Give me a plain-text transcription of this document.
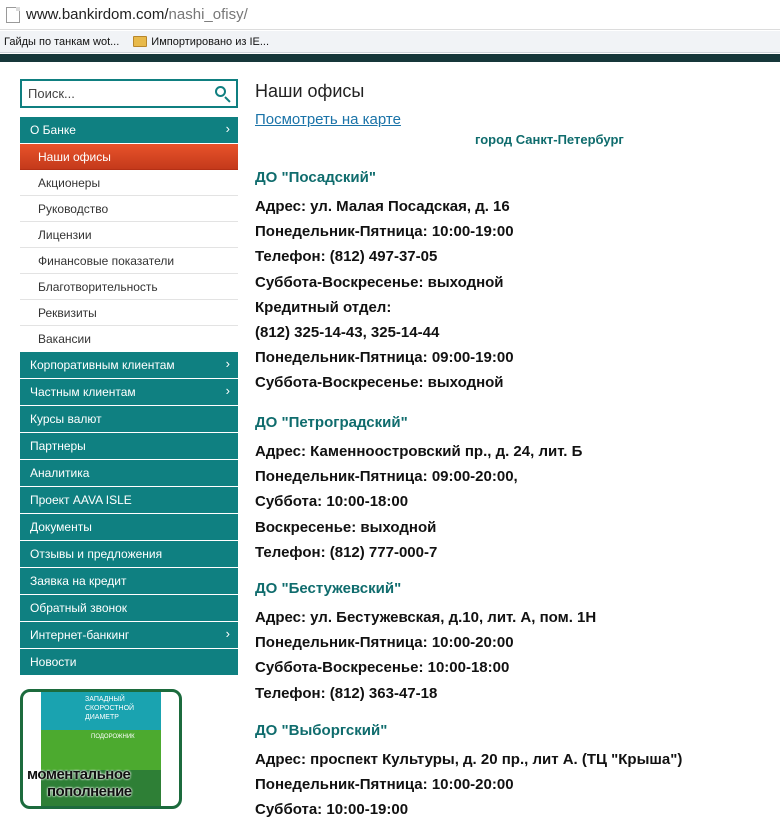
www.bankirdom.com/nashi_ofisy/
Гайды по танкам wot...	Импортировано из IE...
Поиск...
О Банке	›
Наши офисы
Акционеры
Руководство
Лицензии
Финансовые показатели
Благотворительность
Реквизиты
Вакансии
Корпоративным клиентам	›
Частным клиентам	›
Курсы валют
Партнеры
Аналитика
Проект AAVA ISLE
Документы
Отзывы и предложения
Заявка на кредит
Обратный звонок
Интернет-банкинг	›
Новости
ЗАПАДНЫЙ СКОРОСТНОЙ ДИАМЕТР
ПОДОРОЖНИК
моментальное
пополнение
Наши офисы
Посмотреть на карте
город Санкт-Петербург
ДО "Посадский"
Адрес: ул. Малая Посадская, д. 16
Понедельник-Пятница: 10:00-19:00
Телефон: (812) 497-37-05
Суббота-Воскресенье: выходной
Кредитный отдел:
(812) 325-14-43, 325-14-44
Понедельник-Пятница: 09:00-19:00
Суббота-Воскресенье: выходной
ДО "Петроградский"
Адрес: Каменноостровский пр., д. 24, лит. Б
Понедельник-Пятница: 09:00-20:00,
Суббота: 10:00-18:00
Воскресенье: выходной
Телефон: (812) 777-000-7
ДО "Бестужевский"
Адрес: ул. Бестужевская, д.10, лит. А, пом. 1Н
Понедельник-Пятница: 10:00-20:00
Суббота-Воскресенье: 10:00-18:00
Телефон: (812) 363-47-18
ДО "Выборгский"
Адрес: проспект Культуры, д. 20 пр., лит А. (ТЦ "Крыша")
Понедельник-Пятница: 10:00-20:00
Суббота: 10:00-19:00
